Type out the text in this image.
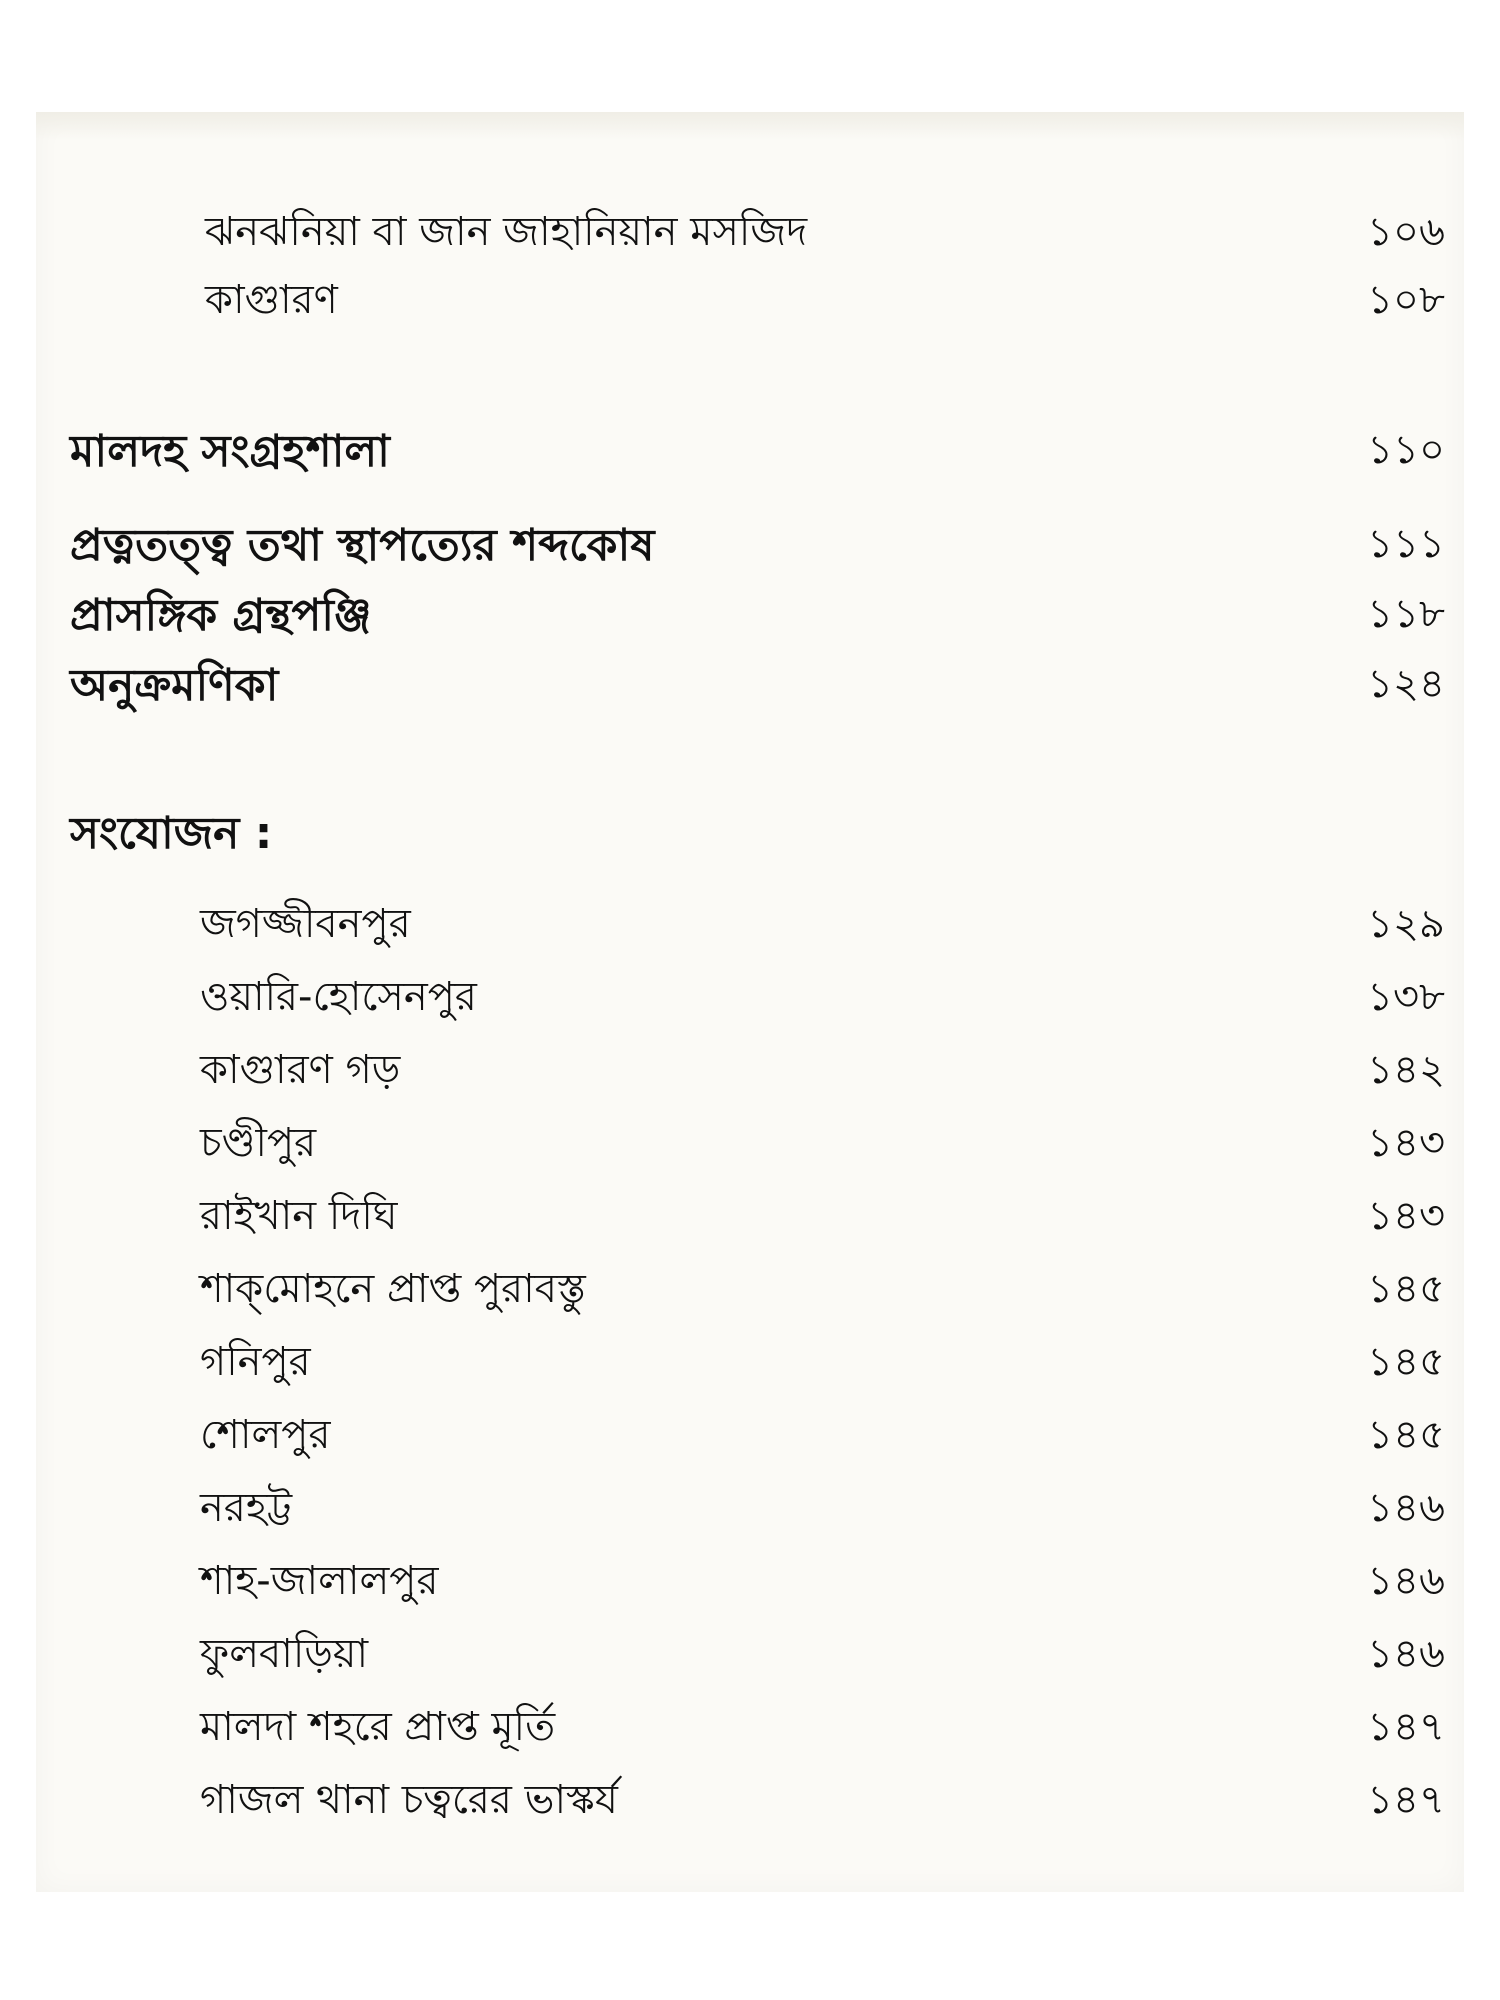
ঝনঝনিয়া বা জান জাহানিয়ান মসজিদ	১০৬
কাগুারণ	১০৮
মালদহ সংগ্রহশালা	১১০
প্রত্নতত্ত্ব তথা স্থাপত্যের শব্দকোষ	১১১
প্রাসঙ্গিক গ্রন্থপঞ্জি	১১৮
অনুক্রমণিকা	১২৪
সংযোজন :
জগজ্জীবনপুর	১২৯
ওয়ারি-হোসেনপুর	১৩৮
কাগুারণ গড়	১৪২
চণ্ডীপুর	১৪৩
রাইখান দিঘি	১৪৩
শাক্‌মোহনে প্রাপ্ত পুরাবস্তু	১৪৫
গনিপুর	১৪৫
শোলপুর	১৪৫
নরহট্ট	১৪৬
শাহ-জালালপুর	১৪৬
ফুলবাড়িয়া	১৪৬
মালদা শহরে প্রাপ্ত মূর্তি	১৪৭
গাজল থানা চত্বরের ভাস্কর্য	১৪৭
